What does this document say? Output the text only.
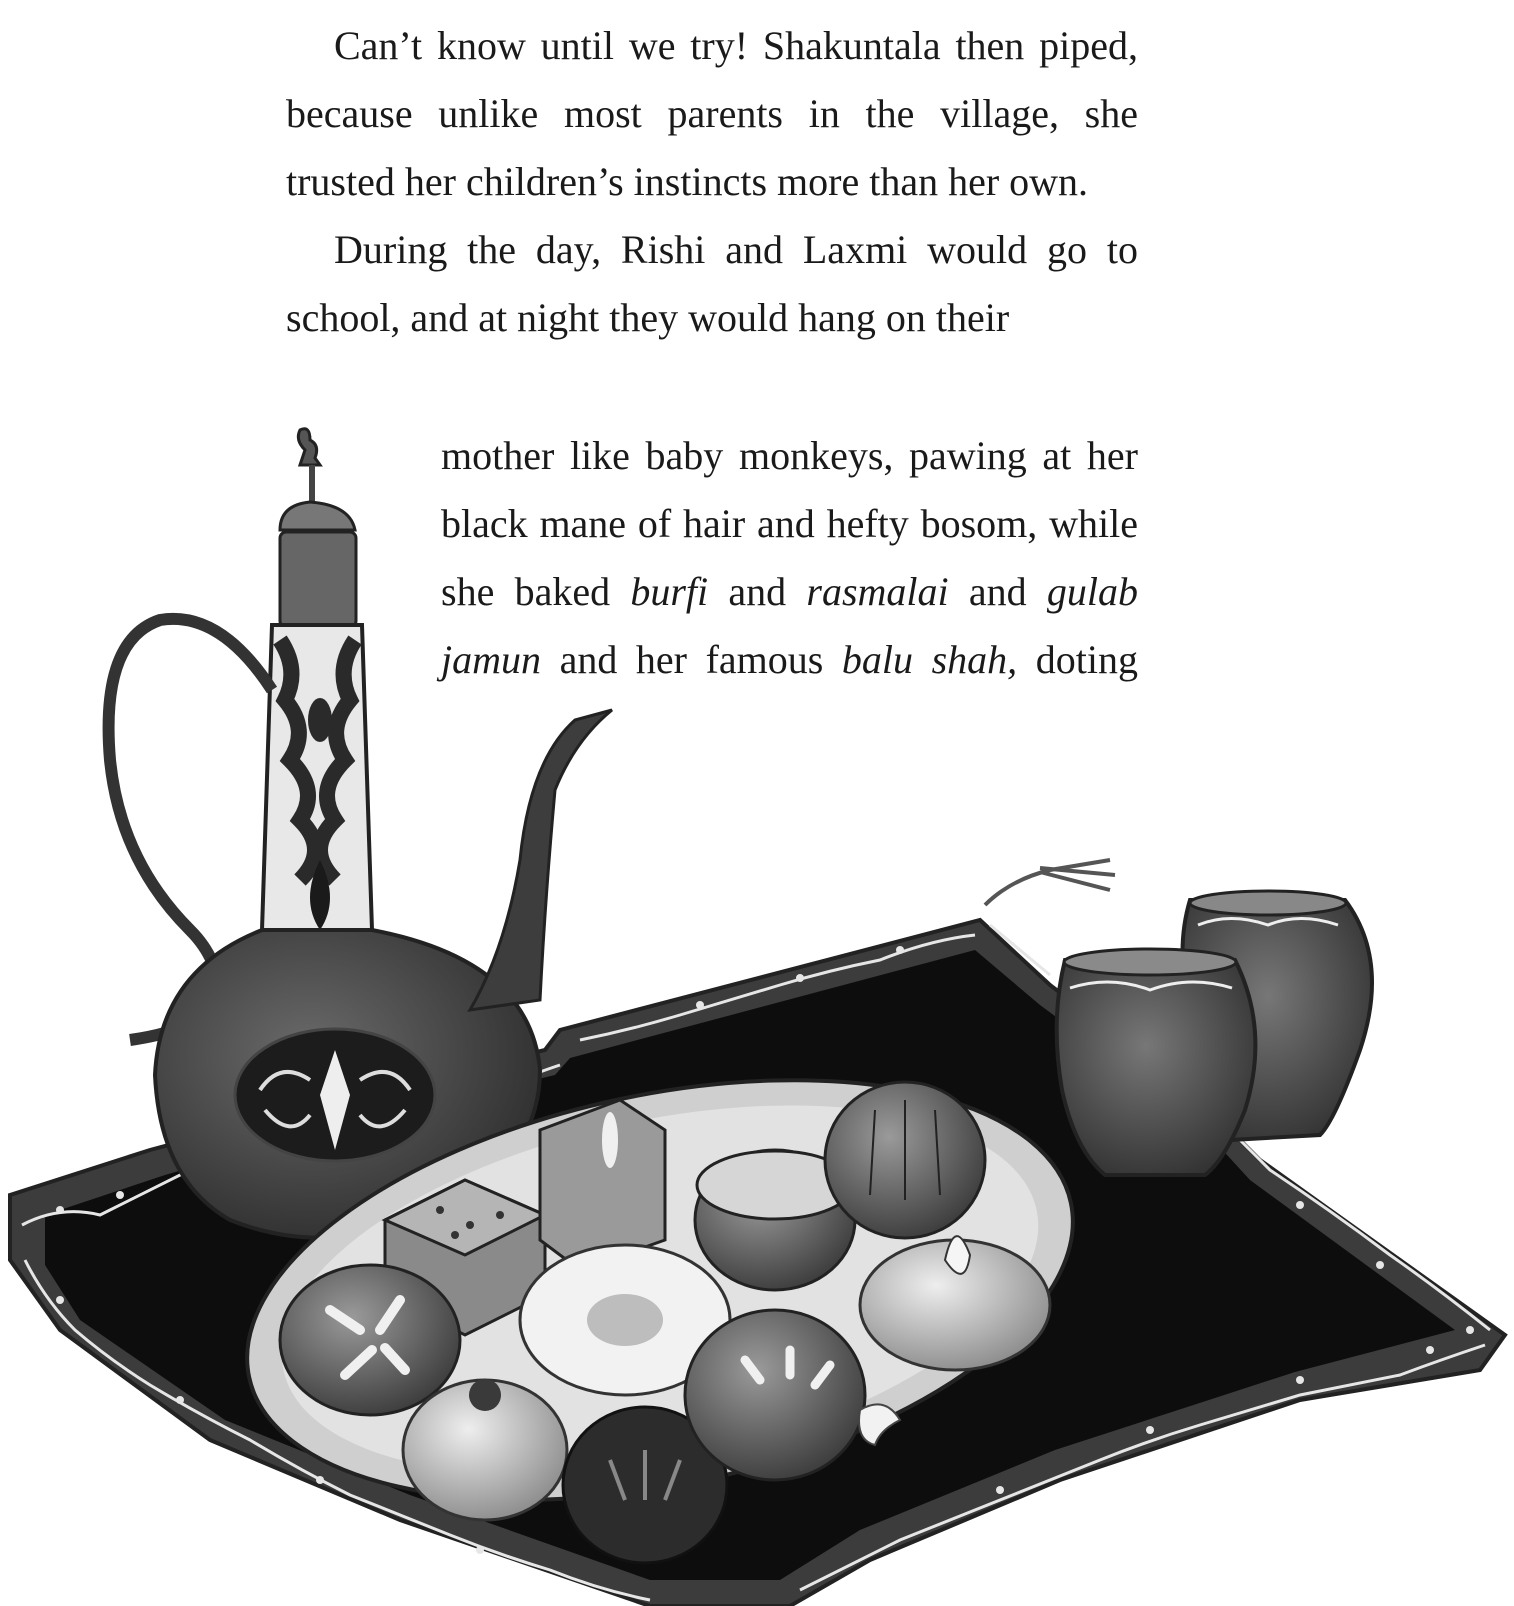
Can’t know until we try! Shakuntala then piped, because unlike most parents in the village, she trusted her children’s instincts more than her own.

During the day, Rishi and Laxmi would go to school, and at night they would hang on their

mother like baby monkeys, pawing at her
black mane of hair and hefty bosom, while
she baked burfi and rasmalai and gulab
jamun and her famous balu shah, doting
